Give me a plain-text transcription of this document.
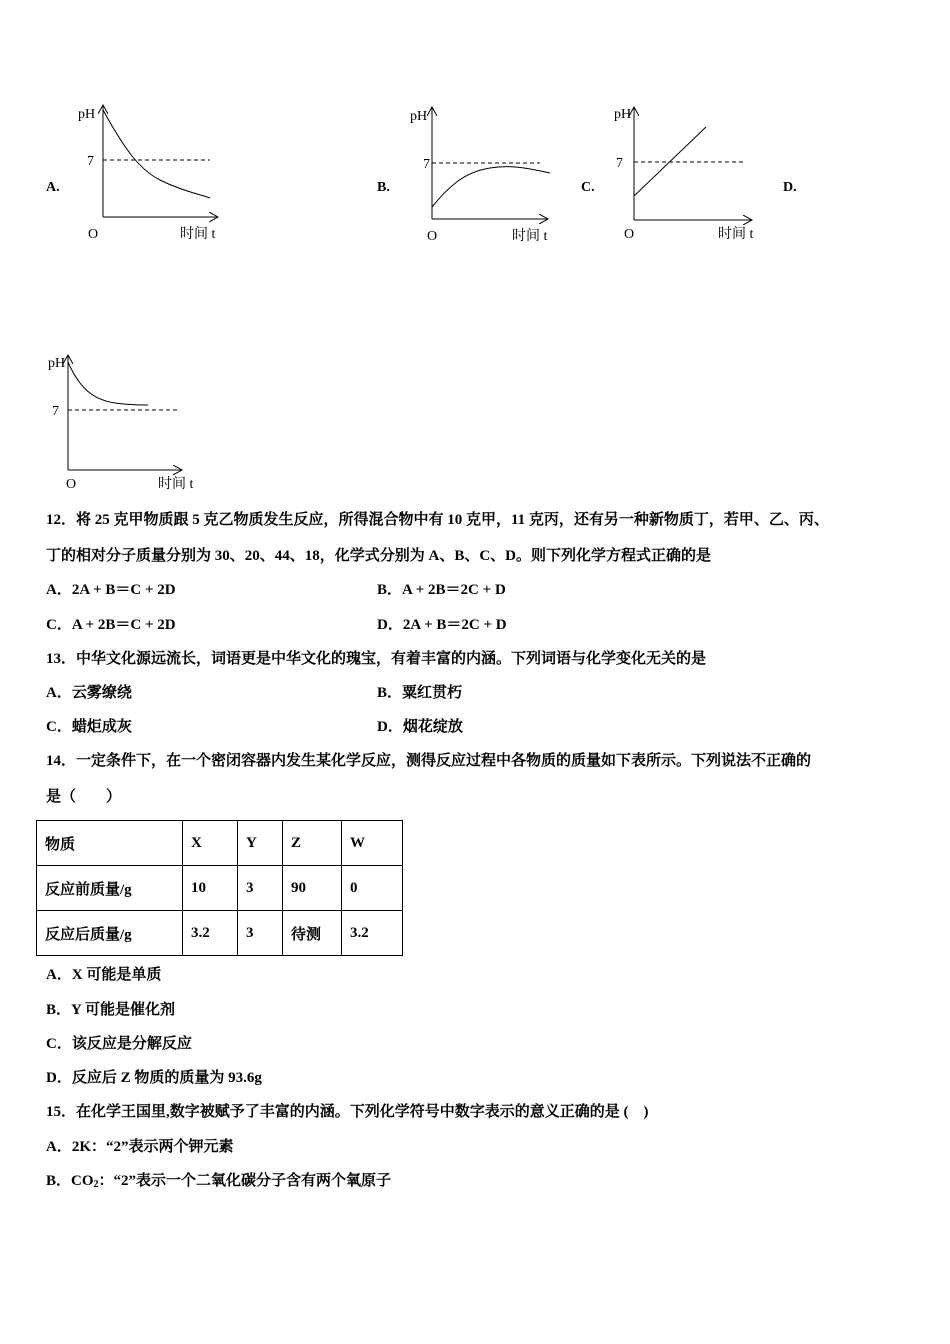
pH
7
O	时间 t
A.
pH
7
O	时间 t
B.
pH
7
O	时间 t
C.	D.
pH
7
O	时间 t
12．将 25 克甲物质跟 5 克乙物质发生反应，所得混合物中有 10 克甲，11 克丙，还有另一种新物质丁，若甲、乙、丙、
丁的相对分子质量分别为 30、20、44、18，化学式分别为 A、B、C、D。则下列化学方程式正确的是
A．2A + B＝C + 2D	B．A + 2B＝2C + D
C．A + 2B＝C + 2D	D．2A + B＝2C + D
13．中华文化源远流长，词语更是中华文化的瑰宝，有着丰富的内涵。下列词语与化学变化无关的是
A．云雾缭绕	B．粟红贯朽
C．蜡炬成灰	D．烟花绽放
14．一定条件下，在一个密闭容器内发生某化学反应，测得反应过程中各物质的质量如下表所示。下列说法不正确的
是（　　）
物质	X	Y	Z	W
反应前质量/g	10	3	90	0
反应后质量/g	3.2	3	待测	3.2
A．X 可能是单质
B．Y 可能是催化剂
C．该反应是分解反应
D．反应后 Z 物质的质量为 93.6g
15．在化学王国里,数字被赋予了丰富的内涵。下列化学符号中数字表示的意义正确的是 (　)
A．2K：“2”表示两个钾元素
B．$CO_2$：“2”表示一个二氧化碳分子含有两个氧原子
